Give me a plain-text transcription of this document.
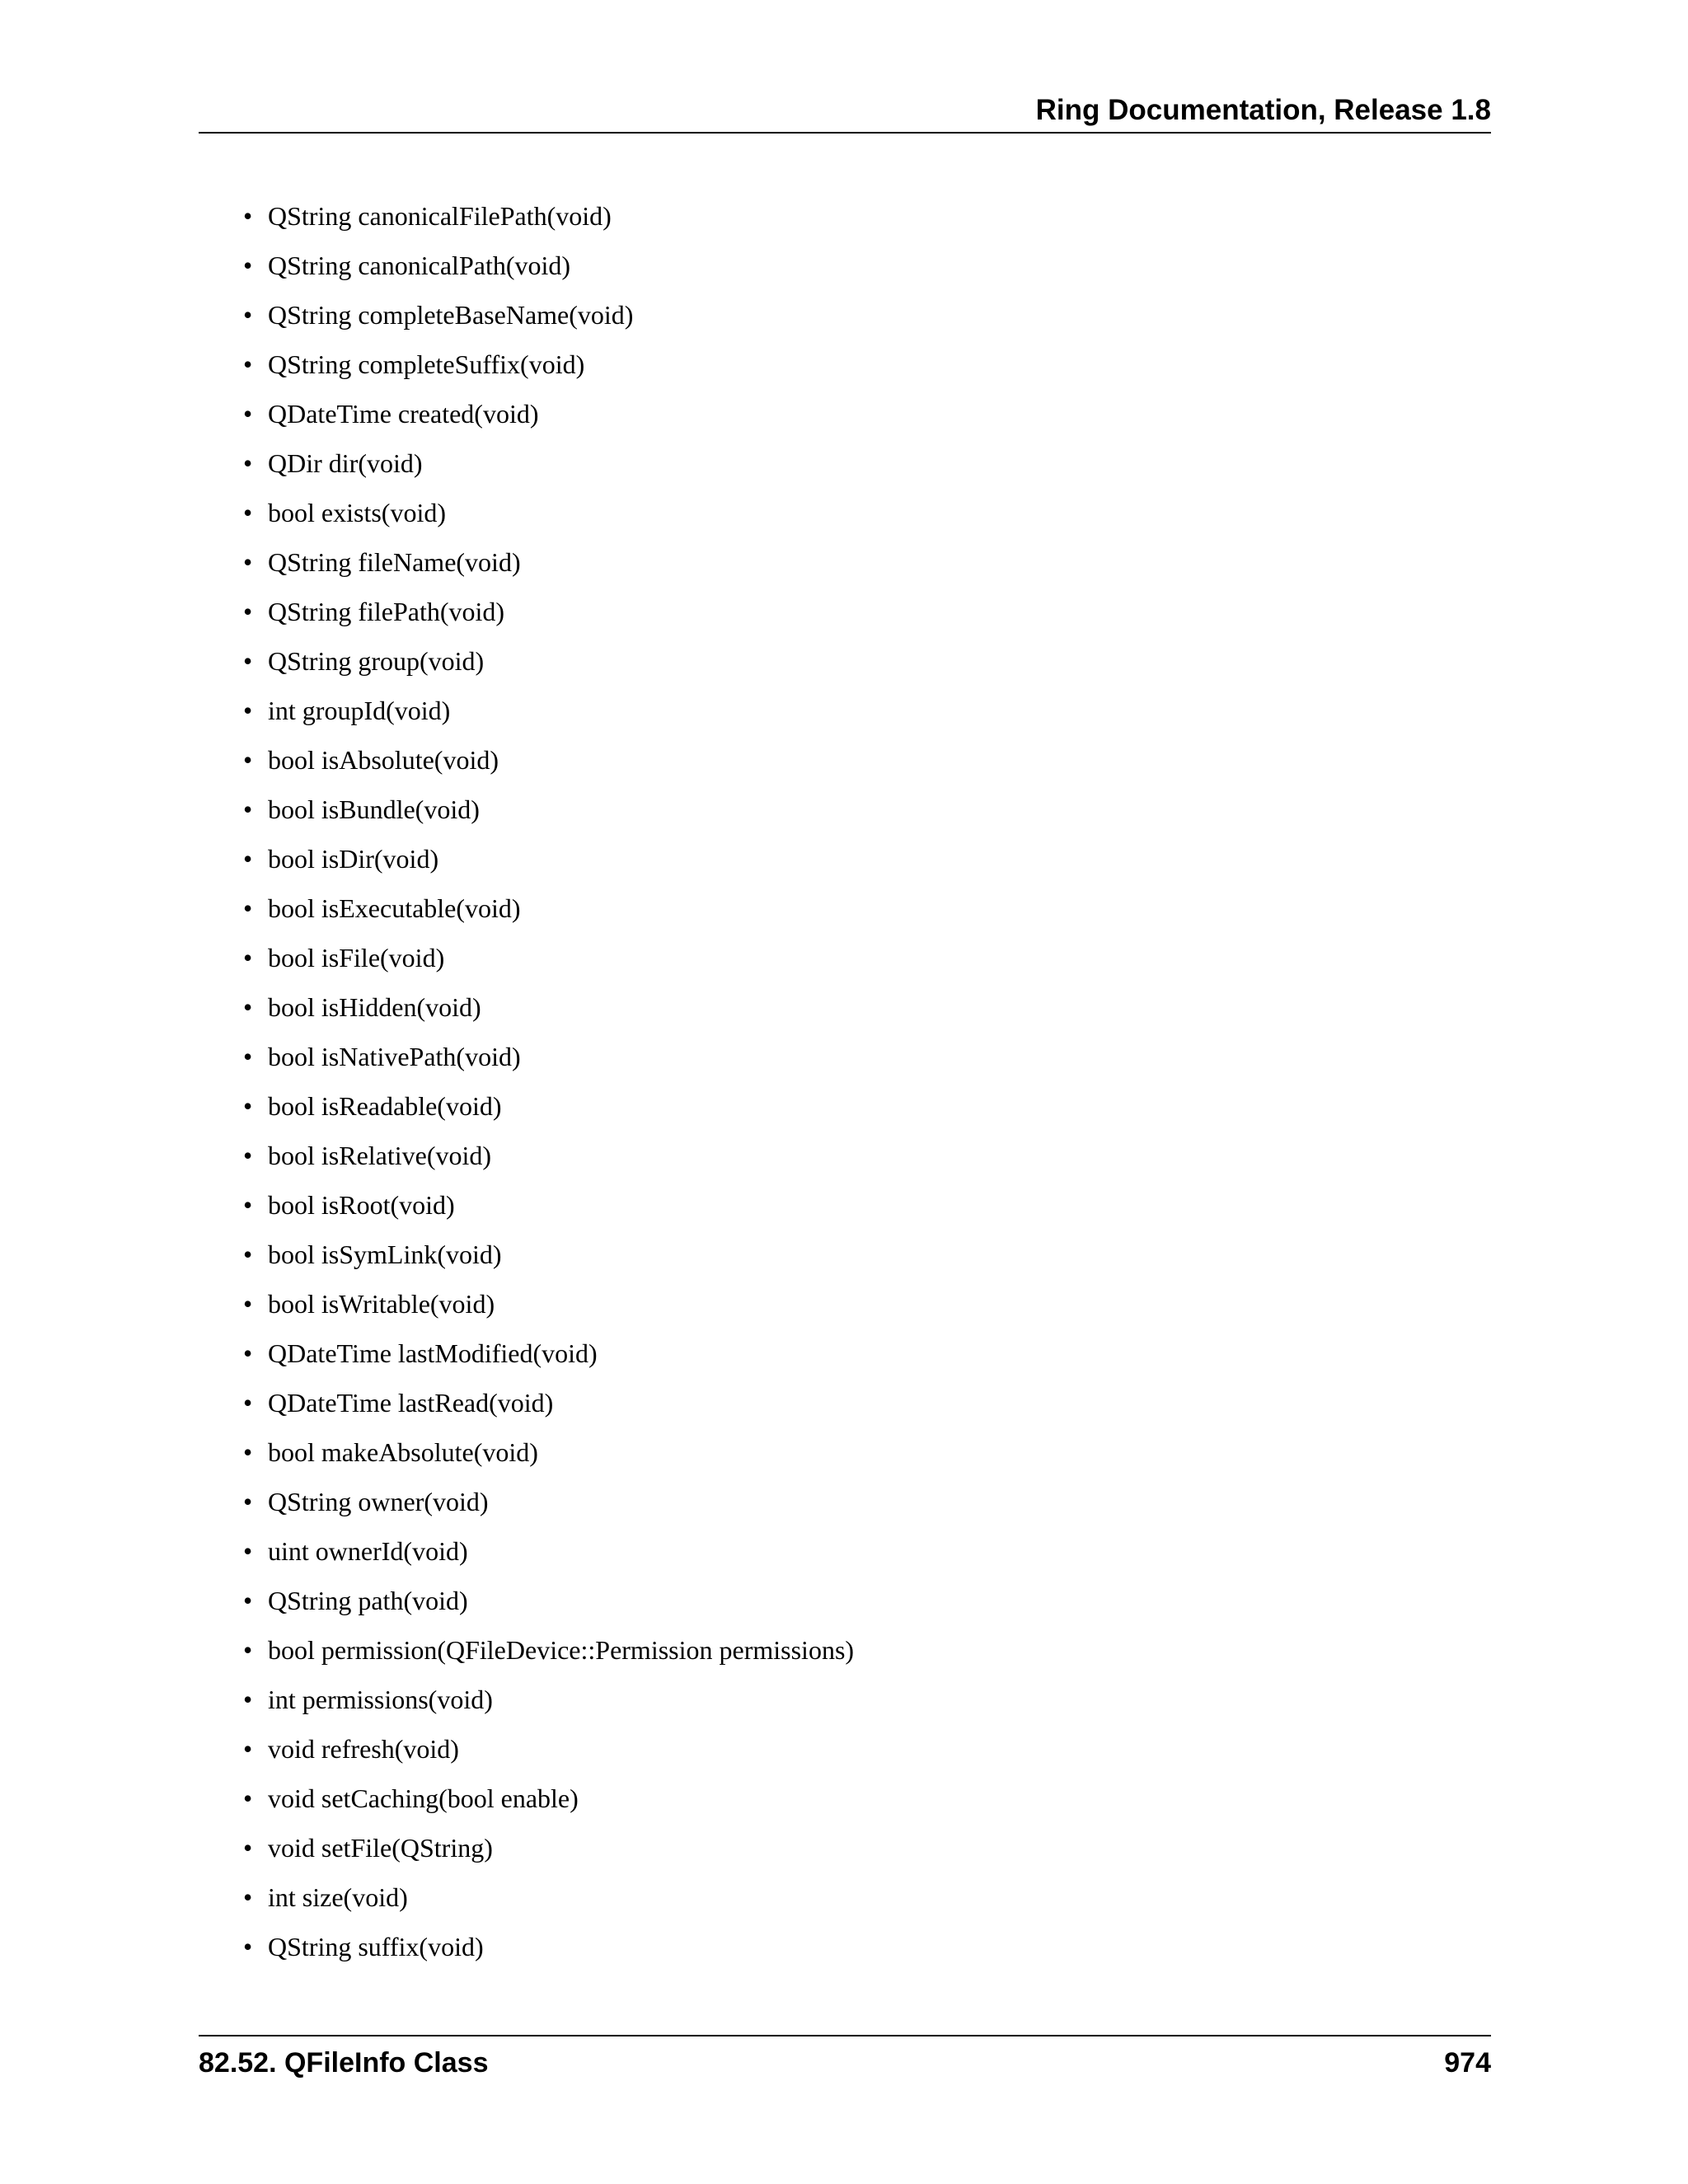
Ring Documentation, Release 1.8
• QString canonicalFilePath(void)
• QString canonicalPath(void)
• QString completeBaseName(void)
• QString completeSuffix(void)
• QDateTime created(void)
• QDir dir(void)
• bool exists(void)
• QString fileName(void)
• QString filePath(void)
• QString group(void)
• int groupId(void)
• bool isAbsolute(void)
• bool isBundle(void)
• bool isDir(void)
• bool isExecutable(void)
• bool isFile(void)
• bool isHidden(void)
• bool isNativePath(void)
• bool isReadable(void)
• bool isRelative(void)
• bool isRoot(void)
• bool isSymLink(void)
• bool isWritable(void)
• QDateTime lastModified(void)
• QDateTime lastRead(void)
• bool makeAbsolute(void)
• QString owner(void)
• uint ownerId(void)
• QString path(void)
• bool permission(QFileDevice::Permission permissions)
• int permissions(void)
• void refresh(void)
• void setCaching(bool enable)
• void setFile(QString)
• int size(void)
• QString suffix(void)
82.52. QFileInfo Class	974
